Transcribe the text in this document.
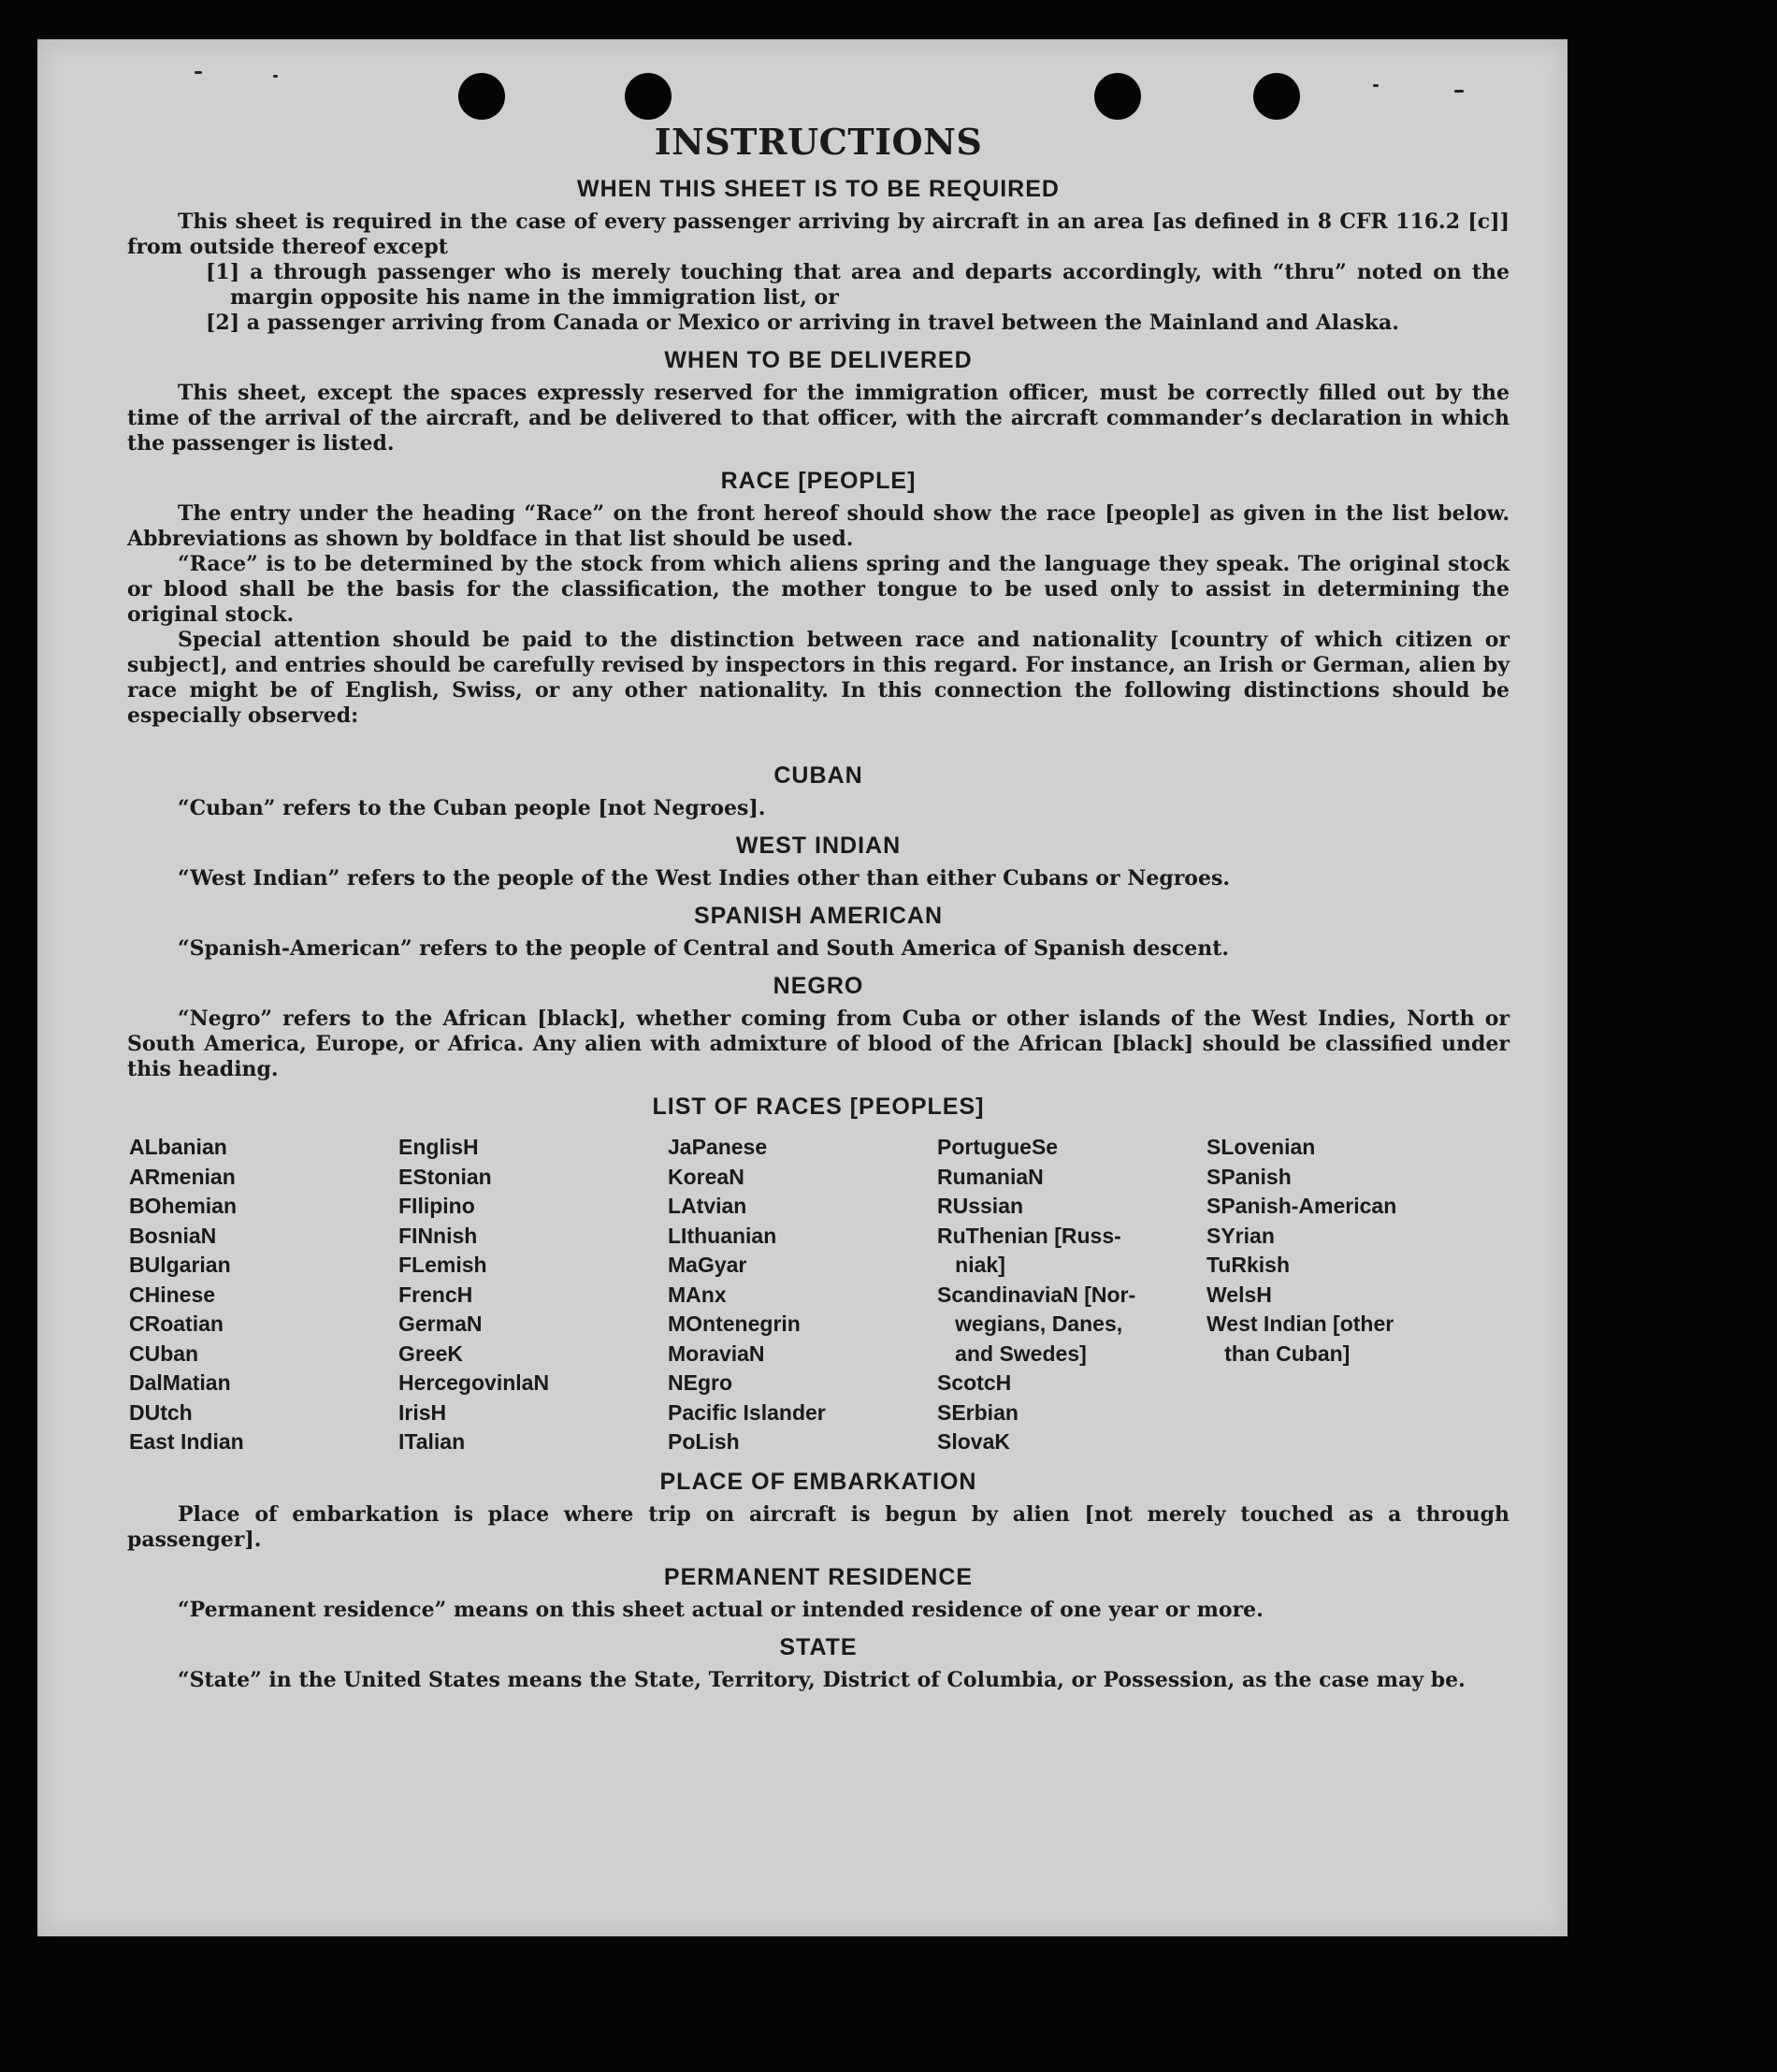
INSTRUCTIONS
WHEN THIS SHEET IS TO BE REQUIRED

This sheet is required in the case of every passenger arriving by aircraft in an area [as defined in 8 CFR 116.2 [c]] from outside thereof except

[1] a through passenger who is merely touching that area and departs accordingly, with “thru” noted on the margin opposite his name in the immigration list, or

[2] a passenger arriving from Canada or Mexico or arriving in travel between the Mainland and Alaska.

WHEN TO BE DELIVERED

This sheet, except the spaces expressly reserved for the immigration officer, must be correctly filled out by the time of the arrival of the aircraft, and be delivered to that officer, with the aircraft commander’s declaration in which the passenger is listed.

RACE [PEOPLE]

The entry under the heading “Race” on the front hereof should show the race [people] as given in the list below. Abbreviations as shown by boldface in that list should be used.

“Race” is to be determined by the stock from which aliens spring and the language they speak. The original stock or blood shall be the basis for the classification, the mother tongue to be used only to assist in determining the original stock.

Special attention should be paid to the distinction between race and nationality [country of which citizen or subject], and entries should be carefully revised by inspectors in this regard. For instance, an Irish or German, alien by race might be of English, Swiss, or any other nationality. In this connection the following distinctions should be especially observed:

CUBAN

“Cuban” refers to the Cuban people [not Negroes].

WEST INDIAN

“West Indian” refers to the people of the West Indies other than either Cubans or Negroes.

SPANISH AMERICAN

“Spanish-American” refers to the people of Central and South America of Spanish descent.

NEGRO

“Negro” refers to the African [black], whether coming from Cuba or other islands of the West Indies, North or South America, Europe, or Africa. Any alien with admixture of blood of the African [black] should be classified under this heading.

LIST OF RACES [PEOPLES]
ALbanian
ARmenian
BOhemian
BosniaN
BUlgarian
CHinese
CRoatian
CUban
DalMatian
DUtch
East Indian
EnglisH
EStonian
FIlipino
FINnish
FLemish
FrencH
GermaN
GreeK
HercegovinlaN
IrisH
ITalian
JaPanese
KoreaN
LAtvian
LIthuanian
MaGyar
MAnx
MOntenegrin
MoraviaN
NEgro
Pacific Islander
PoLish
PortugueSe
RumaniaN
RUssian
RuThenian [Russ-
niak]
ScandinaviaN [Nor-
wegians, Danes,
and Swedes]
ScotcH
SErbian
SlovaK
SLovenian
SPanish
SPanish-American
SYrian
TuRkish
WelsH
West Indian [other
than Cuban]
PLACE OF EMBARKATION

Place of embarkation is place where trip on aircraft is begun by alien [not merely touched as a through passenger].

PERMANENT RESIDENCE

“Permanent residence” means on this sheet actual or intended residence of one year or more.

STATE

“State” in the United States means the State, Territory, District of Columbia, or Possession, as the case may be.
